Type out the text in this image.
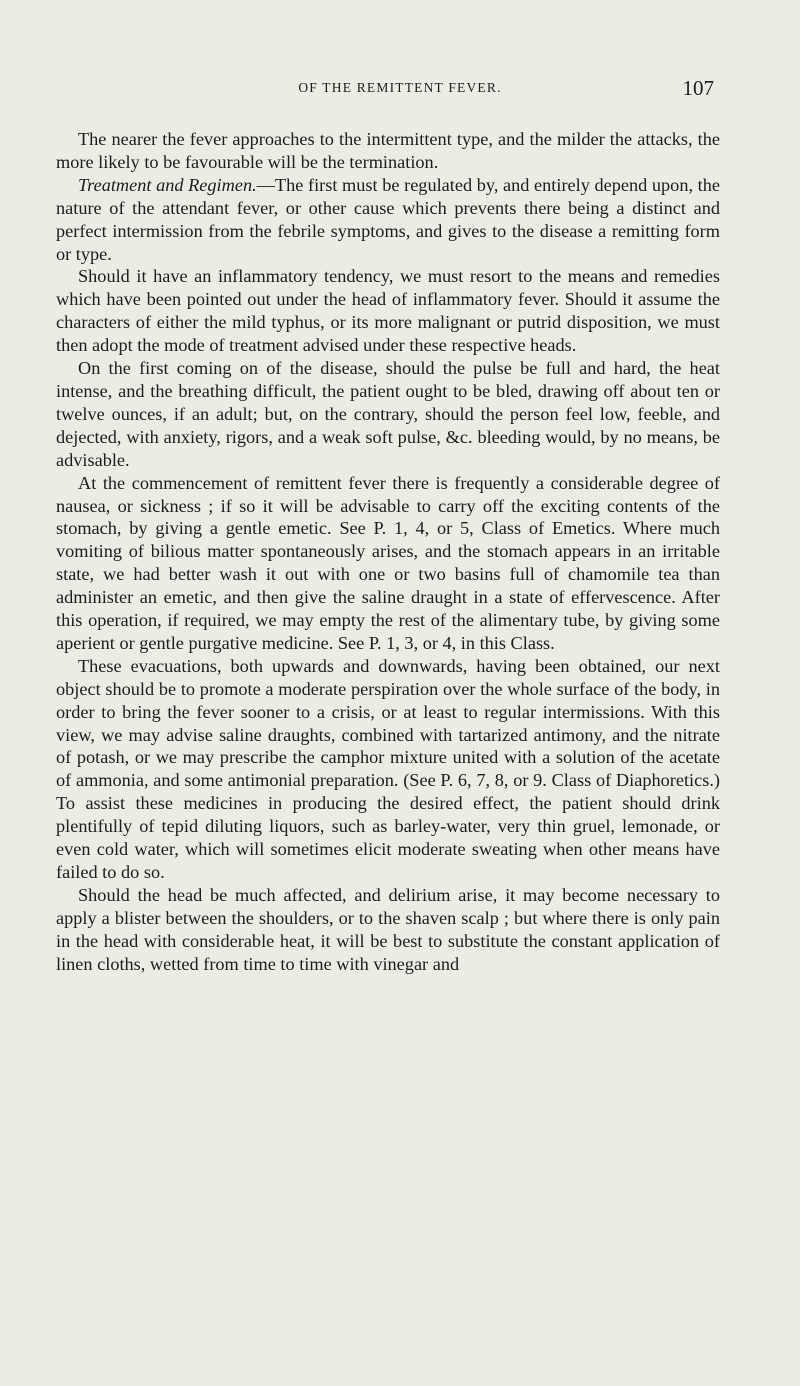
OF THE REMITTENT FEVER.	107

The nearer the fever approaches to the intermittent type, and the milder the attacks, the more likely to be favourable will be the termination.

Treatment and Regimen.—The first must be regulated by, and entirely depend upon, the nature of the attendant fever, or other cause which prevents there being a distinct and perfect intermission from the febrile symptoms, and gives to the disease a remitting form or type.

Should it have an inflammatory tendency, we must resort to the means and remedies which have been pointed out under the head of inflammatory fever. Should it assume the characters of either the mild typhus, or its more malignant or putrid disposition, we must then adopt the mode of treatment advised under these respective heads.

On the first coming on of the disease, should the pulse be full and hard, the heat intense, and the breathing difficult, the patient ought to be bled, drawing off about ten or twelve ounces, if an adult; but, on the contrary, should the person feel low, feeble, and dejected, with anxiety, rigors, and a weak soft pulse, &c. bleeding would, by no means, be advisable.

At the commencement of remittent fever there is frequently a considerable degree of nausea, or sickness ; if so it will be advisable to carry off the exciting contents of the stomach, by giving a gentle emetic. See P. 1, 4, or 5, Class of Emetics. Where much vomiting of bilious matter spontaneously arises, and the stomach appears in an irritable state, we had better wash it out with one or two basins full of chamomile tea than administer an emetic, and then give the saline draught in a state of effervescence. After this operation, if required, we may empty the rest of the alimentary tube, by giving some aperient or gentle purgative medicine. See P. 1, 3, or 4, in this Class.

These evacuations, both upwards and downwards, having been obtained, our next object should be to promote a moderate perspiration over the whole surface of the body, in order to bring the fever sooner to a crisis, or at least to regular intermissions. With this view, we may advise saline draughts, combined with tartarized antimony, and the nitrate of potash, or we may prescribe the camphor mixture united with a solution of the acetate of ammonia, and some antimonial preparation. (See P. 6, 7, 8, or 9. Class of Diaphoretics.) To assist these medicines in producing the desired effect, the patient should drink plentifully of tepid diluting liquors, such as barley-water, very thin gruel, lemonade, or even cold water, which will sometimes elicit moderate sweating when other means have failed to do so.

Should the head be much affected, and delirium arise, it may become necessary to apply a blister between the shoulders, or to the shaven scalp ; but where there is only pain in the head with considerable heat, it will be best to substitute the constant application of linen cloths, wetted from time to time with vinegar and
